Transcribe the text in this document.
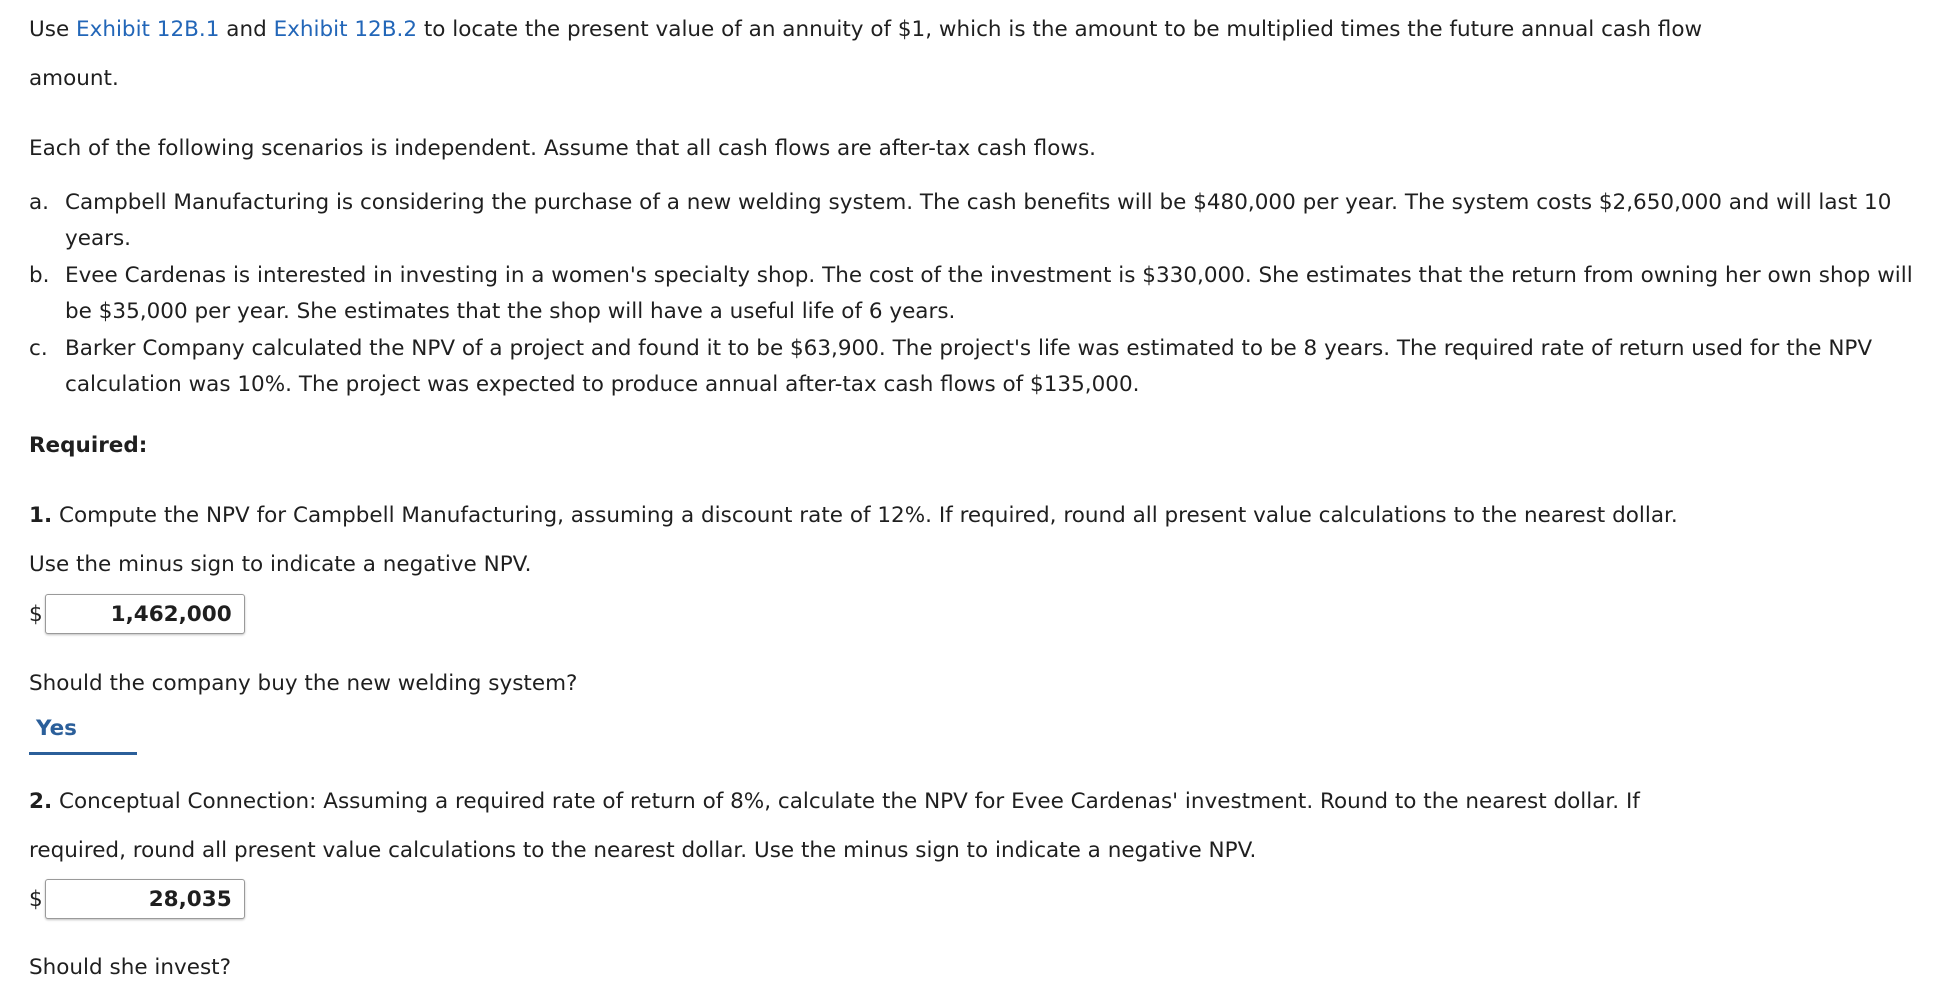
Use Exhibit 12B.1 and Exhibit 12B.2 to locate the present value of an annuity of $1, which is the amount to be multiplied times the future annual cash flow
amount.
Each of the following scenarios is independent. Assume that all cash flows are after-tax cash flows.
a. Campbell Manufacturing is considering the purchase of a new welding system. The cash benefits will be $480,000 per year. The system costs $2,650,000 and will last 10 years.
b. Evee Cardenas is interested in investing in a women's specialty shop. The cost of the investment is $330,000. She estimates that the return from owning her own shop will be $35,000 per year. She estimates that the shop will have a useful life of 6 years.
c. Barker Company calculated the NPV of a project and found it to be $63,900. The project's life was estimated to be 8 years. The required rate of return used for the NPV calculation was 10%. The project was expected to produce annual after-tax cash flows of $135,000.
Required:
1. Compute the NPV for Campbell Manufacturing, assuming a discount rate of 12%. If required, round all present value calculations to the nearest dollar.
Use the minus sign to indicate a negative NPV.
$
1,462,000
Should the company buy the new welding system?
Yes
2. Conceptual Connection: Assuming a required rate of return of 8%, calculate the NPV for Evee Cardenas' investment. Round to the nearest dollar. If
required, round all present value calculations to the nearest dollar. Use the minus sign to indicate a negative NPV.
$
28,035
Should she invest?
